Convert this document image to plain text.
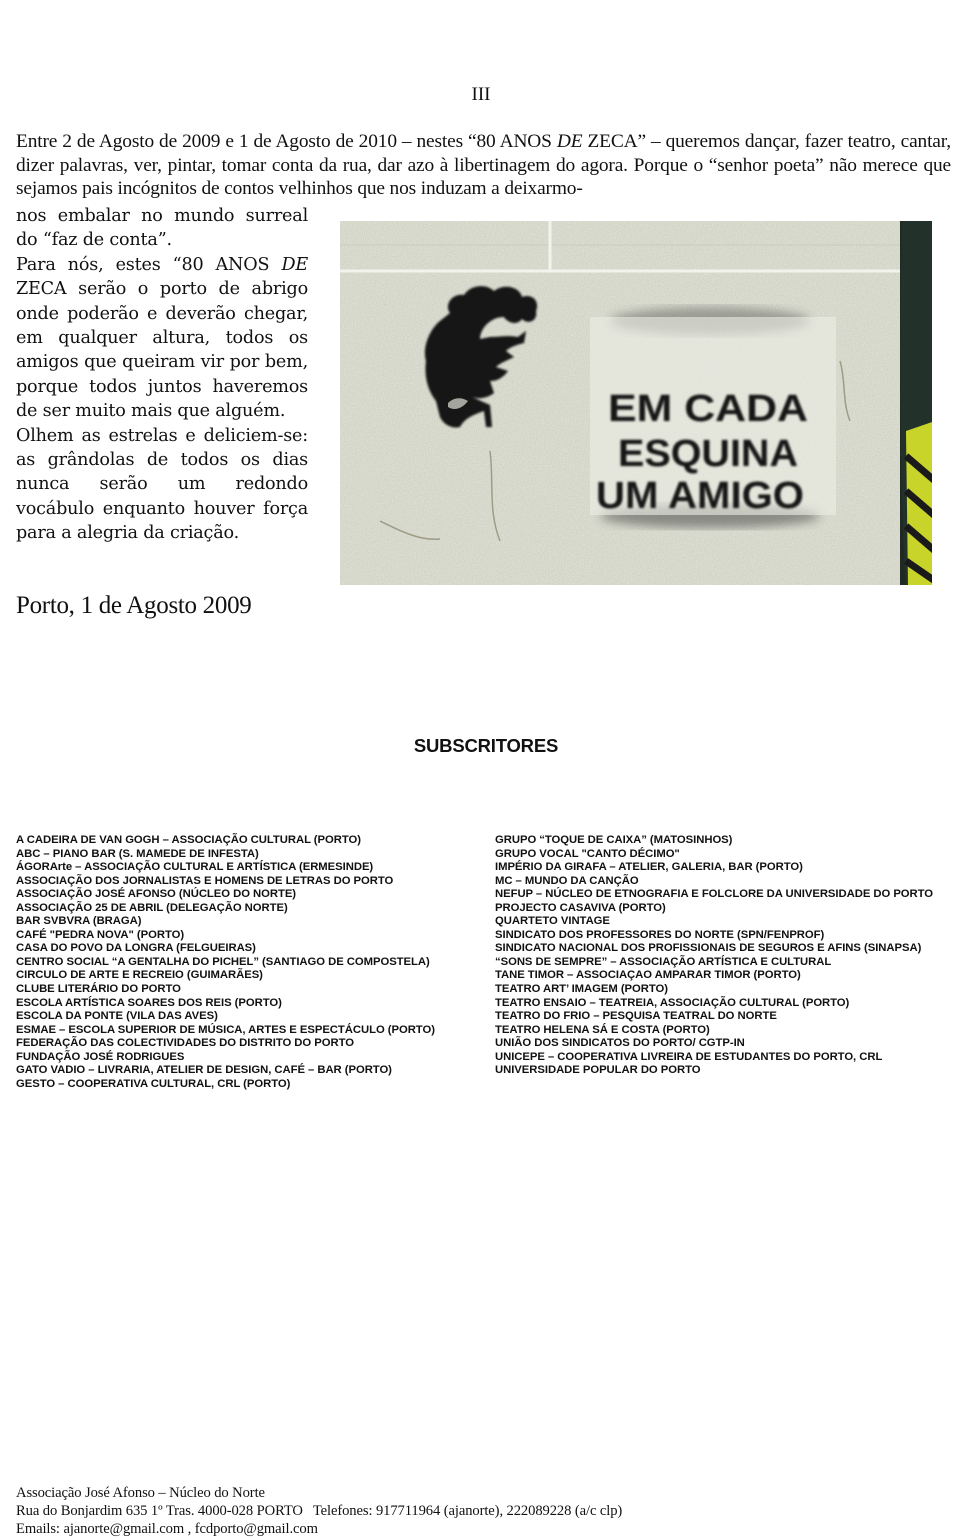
III

Entre 2 de Agosto de 2009 e 1 de Agosto de 2010 – nestes “80 ANOS DE ZECA” – queremos dançar, fazer teatro, cantar, dizer palavras, ver, pintar, tomar conta da rua, dar azo à libertinagem do agora. Porque o “senhor poeta” não merece que sejamos pais incógnitos de contos velhinhos que nos induzam a deixarmo-

nos embalar no mundo surreal

do “faz de conta”.

Para nós, estes “80 ANOS DE ZECA serão o porto de abrigo onde poderão e deverão chegar, em qualquer altura, todos os amigos que queiram vir por bem, porque todos juntos haveremos de ser muito mais que alguém.

Olhem as estrelas e deliciem-se: as grândolas de todos os dias nunca serão um redondo vocábulo enquanto houver força para a alegria da criação.

EM CADA
ESQUINA
UM AMIGO
Porto, 1 de Agosto 2009
SUBSCRITORES
A CADEIRA DE VAN GOGH – ASSOCIAÇÃO CULTURAL (PORTO)
ABC – PIANO BAR (S. MAMEDE DE INFESTA)
ÁGORArte – ASSOCIAÇÃO CULTURAL E ARTÍSTICA (ERMESINDE)
ASSOCIAÇÃO DOS JORNALISTAS E HOMENS DE LETRAS DO PORTO
ASSOCIAÇÃO JOSÉ AFONSO (NÚCLEO DO NORTE)
ASSOCIAÇÃO 25 DE ABRIL (DELEGAÇÃO NORTE)
BAR SVBVRA (BRAGA)
CAFÉ "PEDRA NOVA" (PORTO)
CASA DO POVO DA LONGRA (FELGUEIRAS)
CENTRO SOCIAL “A GENTALHA DO PICHEL” (SANTIAGO DE COMPOSTELA)
CIRCULO DE ARTE E RECREIO (GUIMARÃES)
CLUBE LITERÁRIO DO PORTO
ESCOLA ARTÍSTICA SOARES DOS REIS (PORTO)
ESCOLA DA PONTE (VILA DAS AVES)
ESMAE – ESCOLA SUPERIOR DE MÚSICA, ARTES E ESPECTÁCULO (PORTO)
FEDERAÇÃO DAS COLECTIVIDADES DO DISTRITO DO PORTO
FUNDAÇÃO JOSÉ RODRIGUES
GATO VADIO – LIVRARIA, ATELIER DE DESIGN, CAFÉ – BAR (PORTO)
GESTO – COOPERATIVA CULTURAL, CRL (PORTO)
GRUPO “TOQUE DE CAIXA” (MATOSINHOS)
GRUPO VOCAL "CANTO DÉCIMO"
IMPÉRIO DA GIRAFA – ATELIER, GALERIA, BAR (PORTO)
MC – MUNDO DA CANÇÃO
NEFUP – NÚCLEO DE ETNOGRAFIA E FOLCLORE DA UNIVERSIDADE DO PORTO
PROJECTO CASAVIVA (PORTO)
QUARTETO VINTAGE
SINDICATO DOS PROFESSORES DO NORTE (SPN/FENPROF)
SINDICATO NACIONAL DOS PROFISSIONAIS DE SEGUROS E AFINS (SINAPSA)
“SONS DE SEMPRE” – ASSOCIAÇÃO ARTÍSTICA E CULTURAL
TANE TIMOR – ASSOCIAÇAO AMPARAR TIMOR (PORTO)
TEATRO ART’ IMAGEM (PORTO)
TEATRO ENSAIO – TEATREIA, ASSOCIAÇÃO CULTURAL (PORTO)
TEATRO DO FRIO – PESQUISA TEATRAL DO NORTE
TEATRO HELENA SÁ E COSTA (PORTO)
UNIÃO DOS SINDICATOS DO PORTO/ CGTP-IN
UNICEPE – COOPERATIVA LIVREIRA DE ESTUDANTES DO PORTO, CRL
UNIVERSIDADE POPULAR DO PORTO
Associação José Afonso – Núcleo do Norte
Rua do Bonjardim 635 1º Tras. 4000-028 PORTO Telefones: 917711964 (ajanorte), 222089228 (a/c clp)
Emails: ajanorte@gmail.com , fcdporto@gmail.com
